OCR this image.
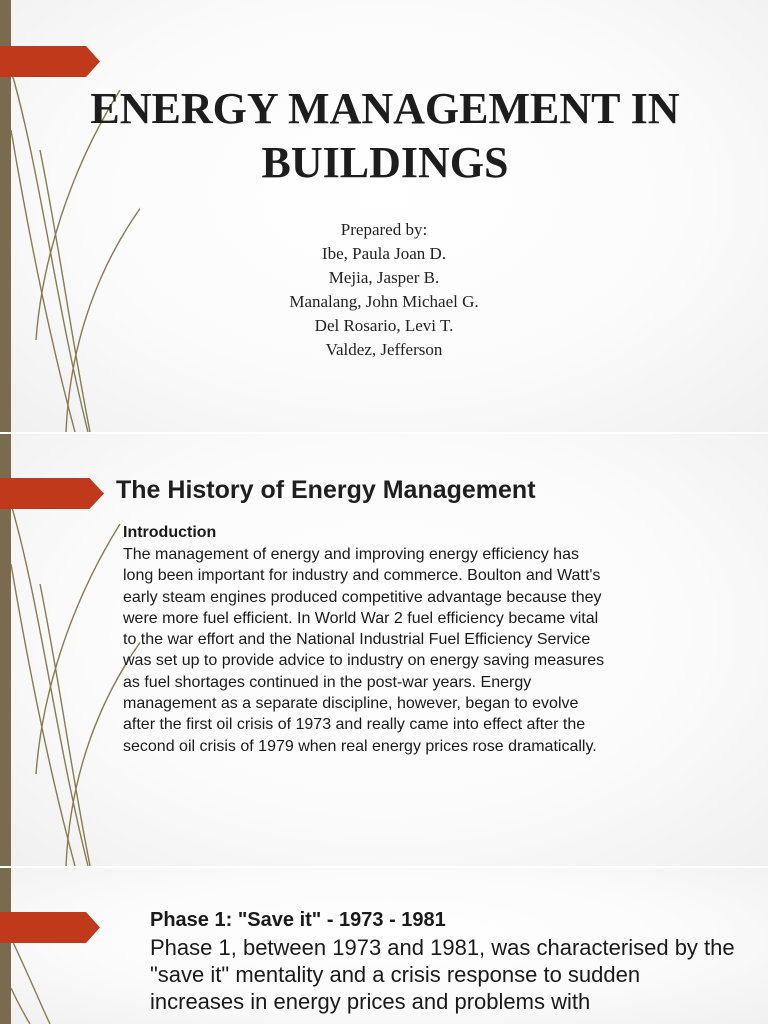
ENERGY MANAGEMENT IN BUILDINGS
Prepared by:
Ibe, Paula Joan D.
Mejia, Jasper B.
Manalang, John Michael G.
Del Rosario, Levi T.
Valdez, Jefferson
The History of Energy Management
Introduction

The management of energy and improving energy efficiency has long been important for industry and commerce. Boulton and Watt's early steam engines produced competitive advantage because they were more fuel efficient. In World War 2 fuel efficiency became vital to the war effort and the National Industrial Fuel Efficiency Service was set up to provide advice to industry on energy saving measures as fuel shortages continued in the post-war years. Energy management as a separate discipline, however, began to evolve after the first oil crisis of 1973 and really came into effect after the second oil crisis of 1979 when real energy prices rose dramatically.

Phase 1: "Save it" - 1973 - 1981

Phase 1, between 1973 and 1981, was characterised by the "save it" mentality and a crisis response to sudden increases in energy prices and problems with
